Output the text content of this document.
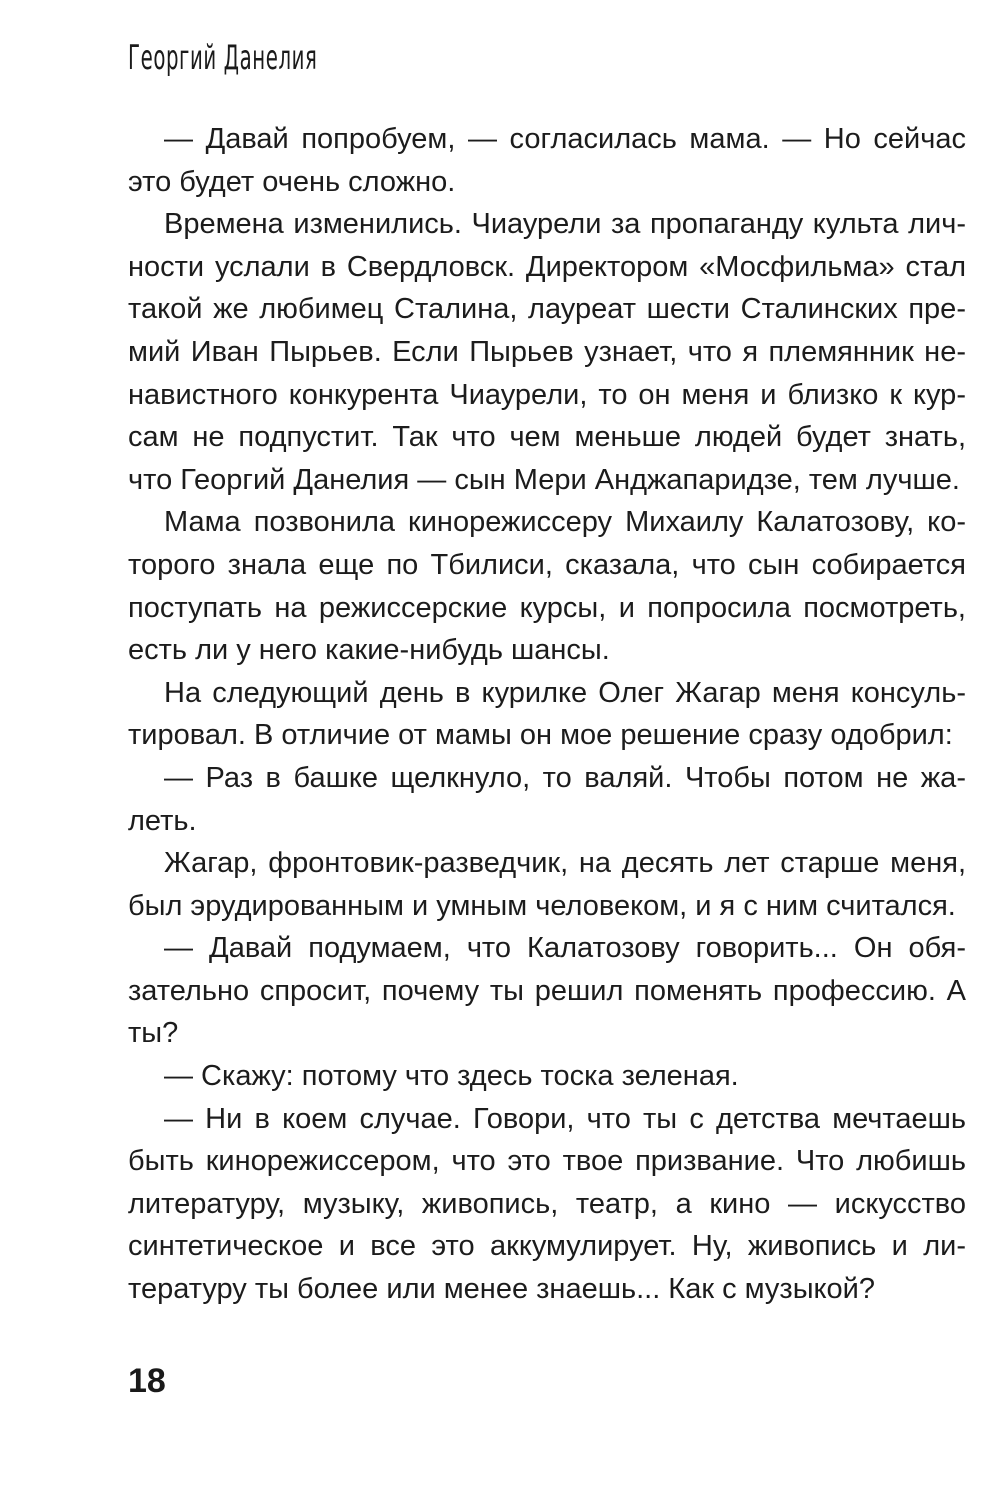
Георгий Данелия

— Давай попробуем, — согласилась мама. — Но сейчас это будет очень сложно.

Времена изменились. Чиаурели за пропаганду культа личности услали в Свердловск. Директором «Мосфильма» стал такой же любимец Сталина, лауреат шести Сталинских премий Иван Пырьев. Если Пырьев узнает, что я племянник ненавистного конкурента Чиаурели, то он меня и близко к курсам не подпустит. Так что чем меньше людей будет знать, что Георгий Данелия — сын Мери Анджапаридзе, тем лучше.

Мама позвонила кинорежиссеру Михаилу Калатозову, которого знала еще по Тбилиси, сказала, что сын собирается поступать на режиссерские курсы, и попросила посмотреть, есть ли у него какие-нибудь шансы.

На следующий день в курилке Олег Жагар меня консультировал. В отличие от мамы он мое решение сразу одобрил:

— Раз в башке щелкнуло, то валяй. Чтобы потом не жалеть.

Жагар, фронтовик-разведчик, на десять лет старше меня, был эрудированным и умным человеком, и я с ним считался.

— Давай подумаем, что Калатозову говорить... Он обязательно спросит, почему ты решил поменять профессию. А ты?

— Скажу: потому что здесь тоска зеленая.

— Ни в коем случае. Говори, что ты с детства мечтаешь быть кинорежиссером, что это твое призвание. Что любишь литературу, музыку, живопись, театр, а кино — искусство синтетическое и все это аккумулирует. Ну, живопись и литературу ты более или менее знаешь... Как с музыкой?

18
